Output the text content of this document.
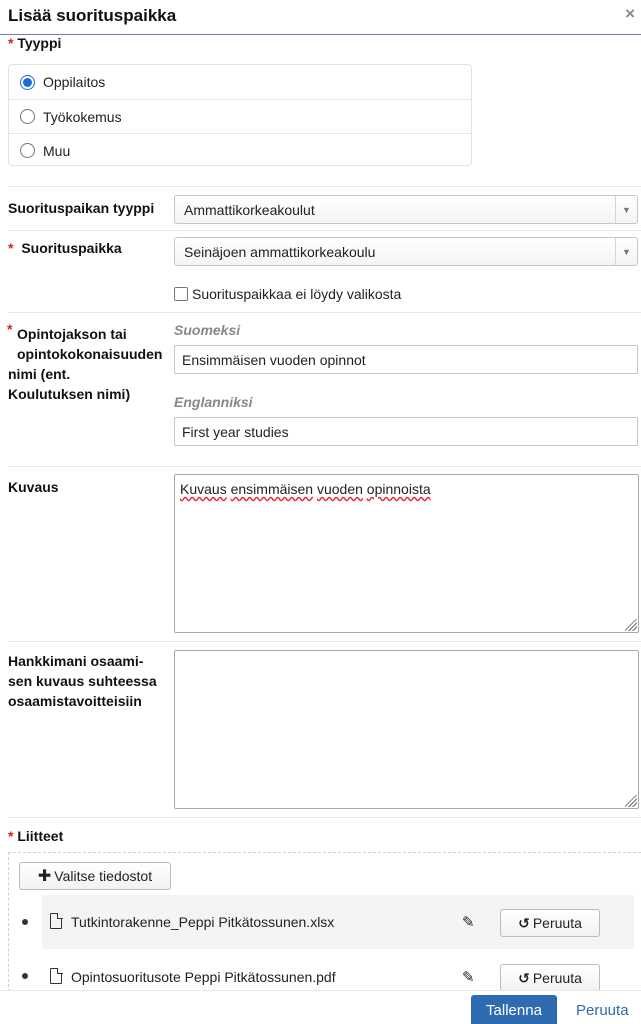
Lisää suorituspaikka	×
* Tyyppi
Oppilaitos
Työkokemus
Muu
Suorituspaikan tyyppi	Ammattikorkeakoulut	▼
* Suorituspaikka	Seinäjoen ammattikorkeakoulu	▼
Suorituspaikkaa ei löydy valikosta
* Opintojakson tai
opintokokonaisuuden
nimi (ent.
Koulutuksen nimi)
Suomeksi
Ensimmäisen vuoden opinnot
Englanniksi
First year studies
Kuvaus	Kuvaus ensimmäisen vuoden opinnoista
Hankkimani osaami-
sen kuvaus suhteessa
osaamistavoitteisiin
* Liitteet
✚ Valitse tiedostot
Tutkintorakenne_Peppi Pitkätossunen.xlsx	✎	↺ Peruuta
Opintosuoritusote Peppi Pitkätossunen.pdf	✎	↺ Peruuta
Tallenna	Peruuta
